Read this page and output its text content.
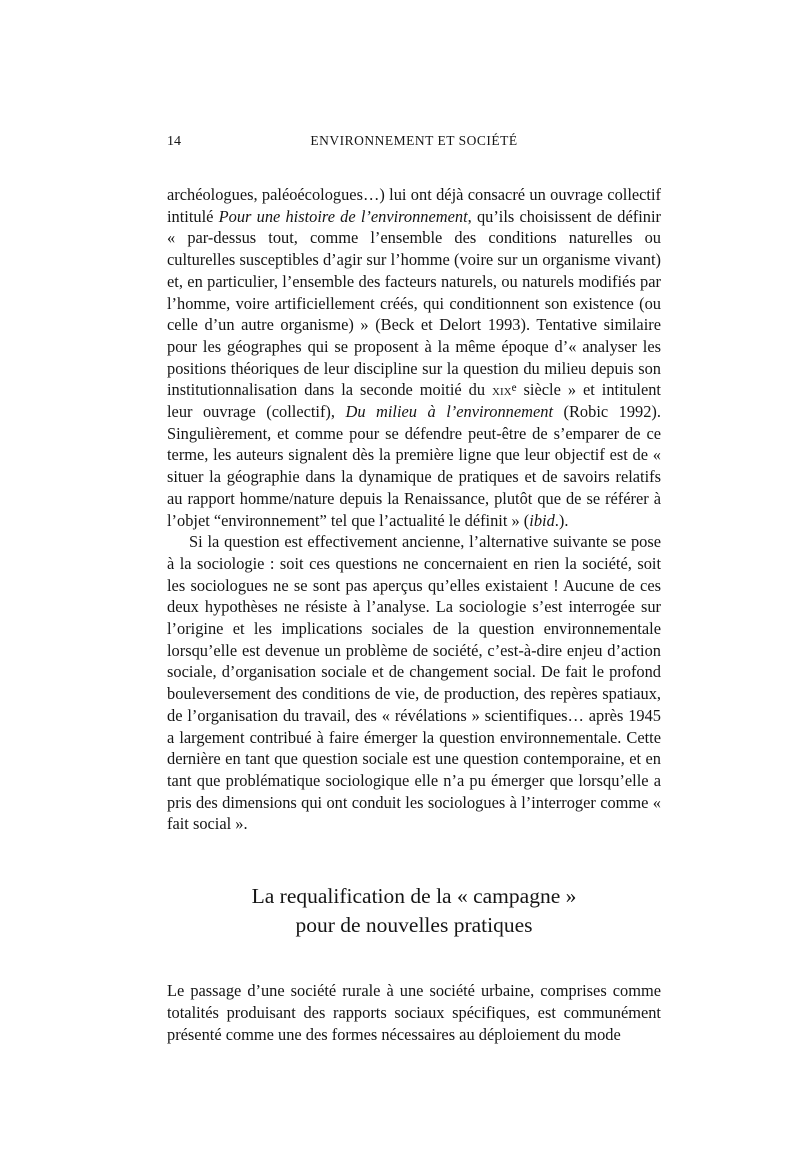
14	ENVIRONNEMENT ET SOCIÉTÉ

archéologues, paléoécologues…) lui ont déjà consacré un ouvrage collectif intitulé Pour une histoire de l’environnement, qu’ils choisissent de définir « par-dessus tout, comme l’ensemble des conditions naturelles ou culturelles susceptibles d’agir sur l’homme (voire sur un organisme vivant) et, en particulier, l’ensemble des facteurs naturels, ou naturels modifiés par l’homme, voire artificiellement créés, qui conditionnent son existence (ou celle d’un autre organisme) » (Beck et Delort 1993). Tentative similaire pour les géographes qui se proposent à la même époque d’« analyser les positions théoriques de leur discipline sur la question du milieu depuis son institutionnalisation dans la seconde moitié du xix$^e$ siècle » et intitulent leur ouvrage (collectif), Du milieu à l’environnement (Robic 1992). Singulièrement, et comme pour se défendre peut-être de s’emparer de ce terme, les auteurs signalent dès la première ligne que leur objectif est de « situer la géographie dans la dynamique de pratiques et de savoirs relatifs au rapport homme/nature depuis la Renaissance, plutôt que de se référer à l’objet “environnement” tel que l’actualité le définit » (ibid.).

Si la question est effectivement ancienne, l’alternative suivante se pose à la sociologie : soit ces questions ne concernaient en rien la société, soit les sociologues ne se sont pas aperçus qu’elles existaient ! Aucune de ces deux hypothèses ne résiste à l’analyse. La sociologie s’est interrogée sur l’origine et les implications sociales de la question environnementale lorsqu’elle est devenue un problème de société, c’est-à-dire enjeu d’action sociale, d’organisation sociale et de changement social. De fait le profond bouleversement des conditions de vie, de production, des repères spatiaux, de l’organisation du travail, des « révélations » scientifiques… après 1945 a largement contribué à faire émerger la question environnementale. Cette dernière en tant que question sociale est une question contemporaine, et en tant que problématique sociologique elle n’a pu émerger que lorsqu’elle a pris des dimensions qui ont conduit les sociologues à l’interroger comme « fait social ».

La requalification de la « campagne »
pour de nouvelles pratiques

Le passage d’une société rurale à une société urbaine, comprises comme totalités produisant des rapports sociaux spécifiques, est communément présenté comme une des formes nécessaires au déploiement du mode
